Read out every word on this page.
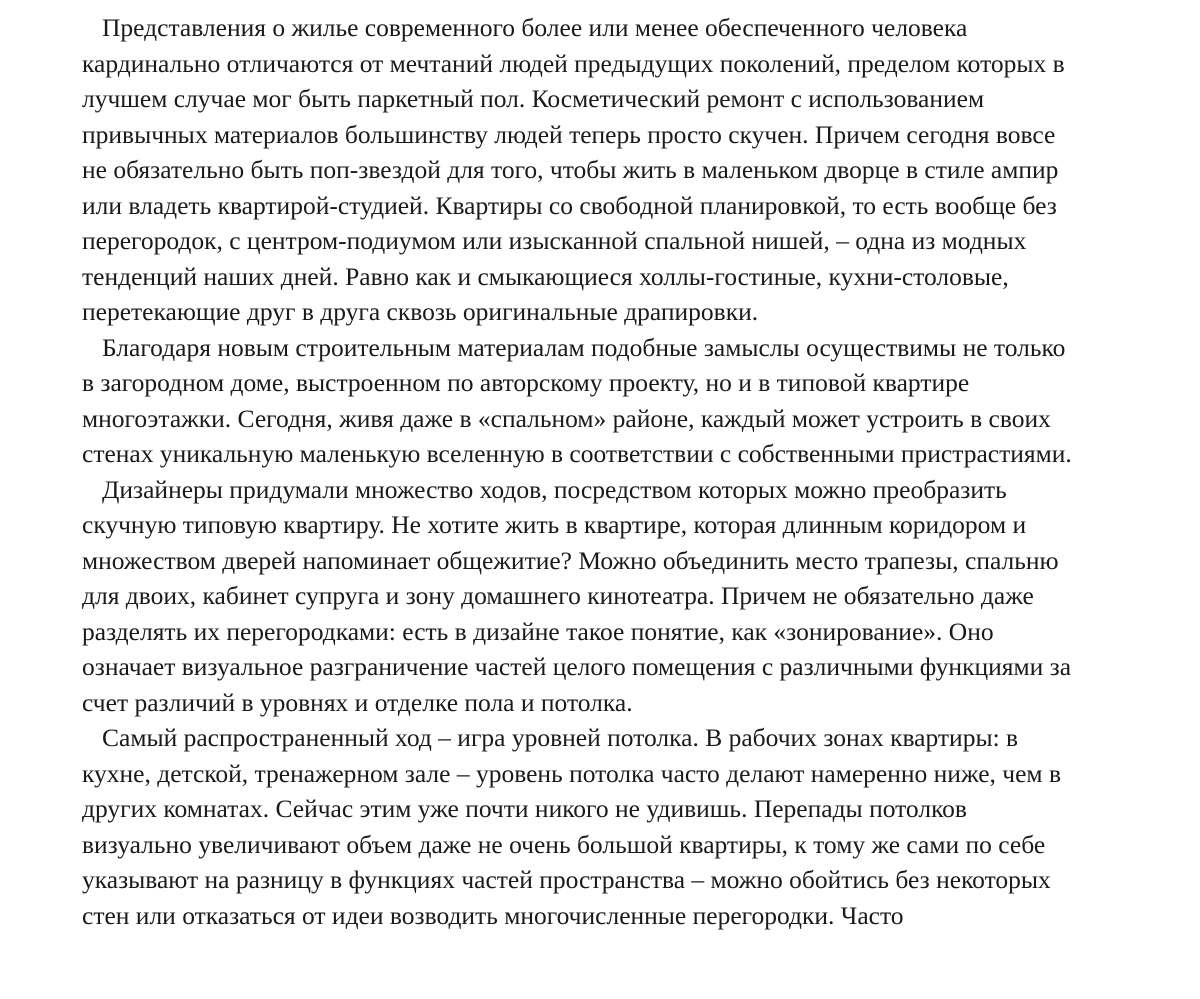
Представления о жилье современного более или менее обеспеченного человека
кардинально отличаются от мечтаний людей предыдущих поколений, пределом которых в
лучшем случае мог быть паркетный пол. Косметический ремонт с использованием
привычных материалов большинству людей теперь просто скучен. Причем сегодня вовсе
не обязательно быть поп-звездой для того, чтобы жить в маленьком дворце в стиле ампир
или владеть квартирой-студией. Квартиры со свободной планировкой, то есть вообще без
перегородок, с центром-подиумом или изысканной спальной нишей, – одна из модных
тенденций наших дней. Равно как и смыкающиеся холлы-гостиные, кухни-столовые,
перетекающие друг в друга сквозь оригинальные драпировки.
Благодаря новым строительным материалам подобные замыслы осуществимы не только
в загородном доме, выстроенном по авторскому проекту, но и в типовой квартире
многоэтажки. Сегодня, живя даже в «спальном» районе, каждый может устроить в своих
стенах уникальную маленькую вселенную в соответствии с собственными пристрастиями.
Дизайнеры придумали множество ходов, посредством которых можно преобразить
скучную типовую квартиру. Не хотите жить в квартире, которая длинным коридором и
множеством дверей напоминает общежитие? Можно объединить место трапезы, спальню
для двоих, кабинет супруга и зону домашнего кинотеатра. Причем не обязательно даже
разделять их перегородками: есть в дизайне такое понятие, как «зонирование». Оно
означает визуальное разграничение частей целого помещения с различными функциями за
счет различий в уровнях и отделке пола и потолка.
Самый распространенный ход – игра уровней потолка. В рабочих зонах квартиры: в
кухне, детской, тренажерном зале – уровень потолка часто делают намеренно ниже, чем в
других комнатах. Сейчас этим уже почти никого не удивишь. Перепады потолков
визуально увеличивают объем даже не очень большой квартиры, к тому же сами по себе
указывают на разницу в функциях частей пространства – можно обойтись без некоторых
стен или отказаться от идеи возводить многочисленные перегородки. Часто
